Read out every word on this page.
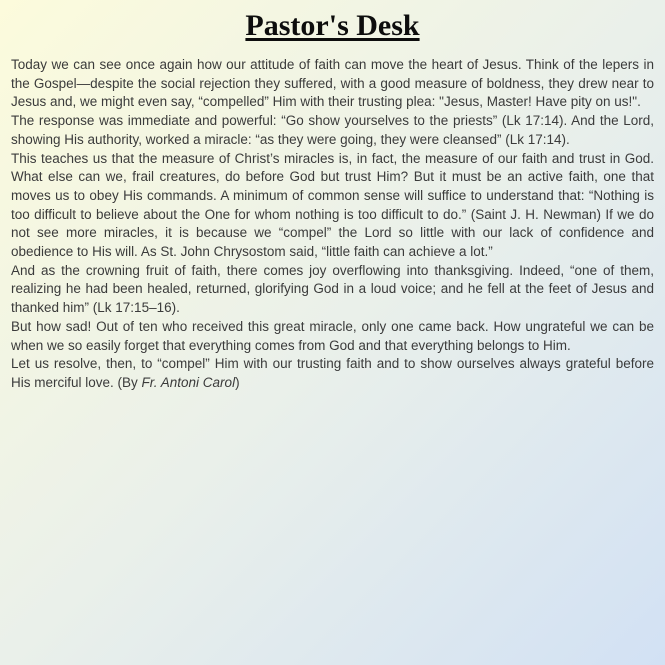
Pastor's Desk

Today we can see once again how our attitude of faith can move the heart of Jesus. Think of the lepers in the Gospel—despite the social rejection they suffered, with a good measure of boldness, they drew near to Jesus and, we might even say, “compelled” Him with their trusting plea: "Jesus, Master! Have pity on us!".

The response was immediate and powerful: “Go show yourselves to the priests” (Lk 17:14). And the Lord, showing His authority, worked a miracle: “as they were going, they were cleansed” (Lk 17:14).

This teaches us that the measure of Christ’s miracles is, in fact, the measure of our faith and trust in God. What else can we, frail creatures, do before God but trust Him? But it must be an active faith, one that moves us to obey His commands. A minimum of common sense will suffice to understand that: “Nothing is too difficult to believe about the One for whom nothing is too difficult to do.” (Saint J. H. Newman) If we do not see more miracles, it is because we “compel” the Lord so little with our lack of confidence and obedience to His will. As St. John Chrysostom said, “little faith can achieve a lot.”

And as the crowning fruit of faith, there comes joy overflowing into thanksgiving. Indeed, “one of them, realizing he had been healed, returned, glorifying God in a loud voice; and he fell at the feet of Jesus and thanked him” (Lk 17:15–16).

But how sad! Out of ten who received this great miracle, only one came back. How ungrateful we can be when we so easily forget that everything comes from God and that everything belongs to Him.

Let us resolve, then, to “compel” Him with our trusting faith and to show ourselves always grateful before His merciful love. (By Fr. Antoni Carol)
